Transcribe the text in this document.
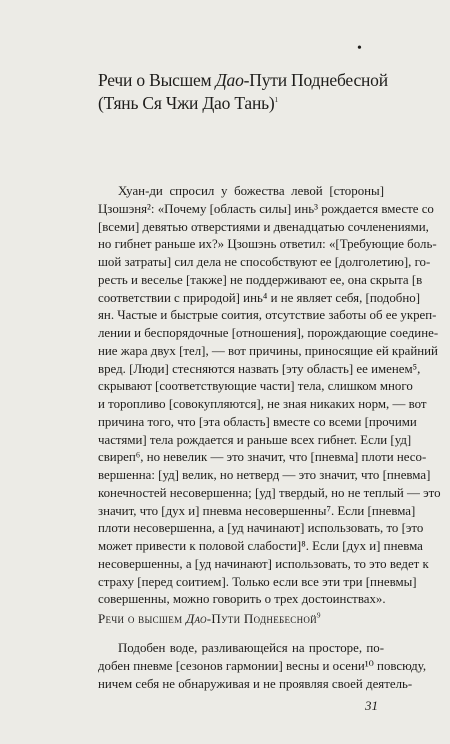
•
Речи о Высшем Дао-Пути Поднебесной
(Тянь Ся Чжи Дао Тань)$^1$
Хуан-ди спросил у божества левой [стороны]
Цзошэня²: «Почему [область силы] инь³ рождается вместе со
[всеми] девятью отверстиями и двенадцатью сочленениями,
но гибнет раньше их?» Цзошэнь ответил: «[Требующие боль-
шой затраты] сил дела не способствуют ее [долголетию], го-
ресть и веселье [также] не поддерживают ее, она скрыта [в
соответствии с природой] инь⁴ и не являет себя, [подобно]
ян. Частые и быстрые соития, отсутствие заботы об ее укреп-
лении и беспорядочные [отношения], порождающие соедине-
ние жара двух [тел], — вот причины, приносящие ей крайний
вред. [Люди] стесняются назвать [эту область] ее именем⁵,
скрывают [соответствующие части] тела, слишком много
и торопливо [совокупляются], не зная никаких норм, — вот
причина того, что [эта область] вместе со всеми [прочими
частями] тела рождается и раньше всех гибнет. Если [уд]
свиреп⁶, но невелик — это значит, что [пневма] плоти несо-
вершенна: [уд] велик, но нетверд — это значит, что [пневма]
конечностей несовершенна; [уд] твердый, но не теплый — это
значит, что [дух и] пневма несовершенны⁷. Если [пневма]
плоти несовершенна, а [уд начинают] использовать, то [это
может привести к половой слабости]⁸. Если [дух и] пневма
несовершенны, а [уд начинают] использовать, то это ведет к
страху [перед соитием]. Только если все эти три [пневмы]
совершенны, можно говорить о трех достоинствах».
Речи о высшем Дао-Пути Поднебесной$^9$
Подобен воде, разливающейся на просторе, по-
добен пневме [сезонов гармонии] весны и осени¹⁰ повсюду,
ничем себя не обнаруживая и не проявляя своей деятель-
31
